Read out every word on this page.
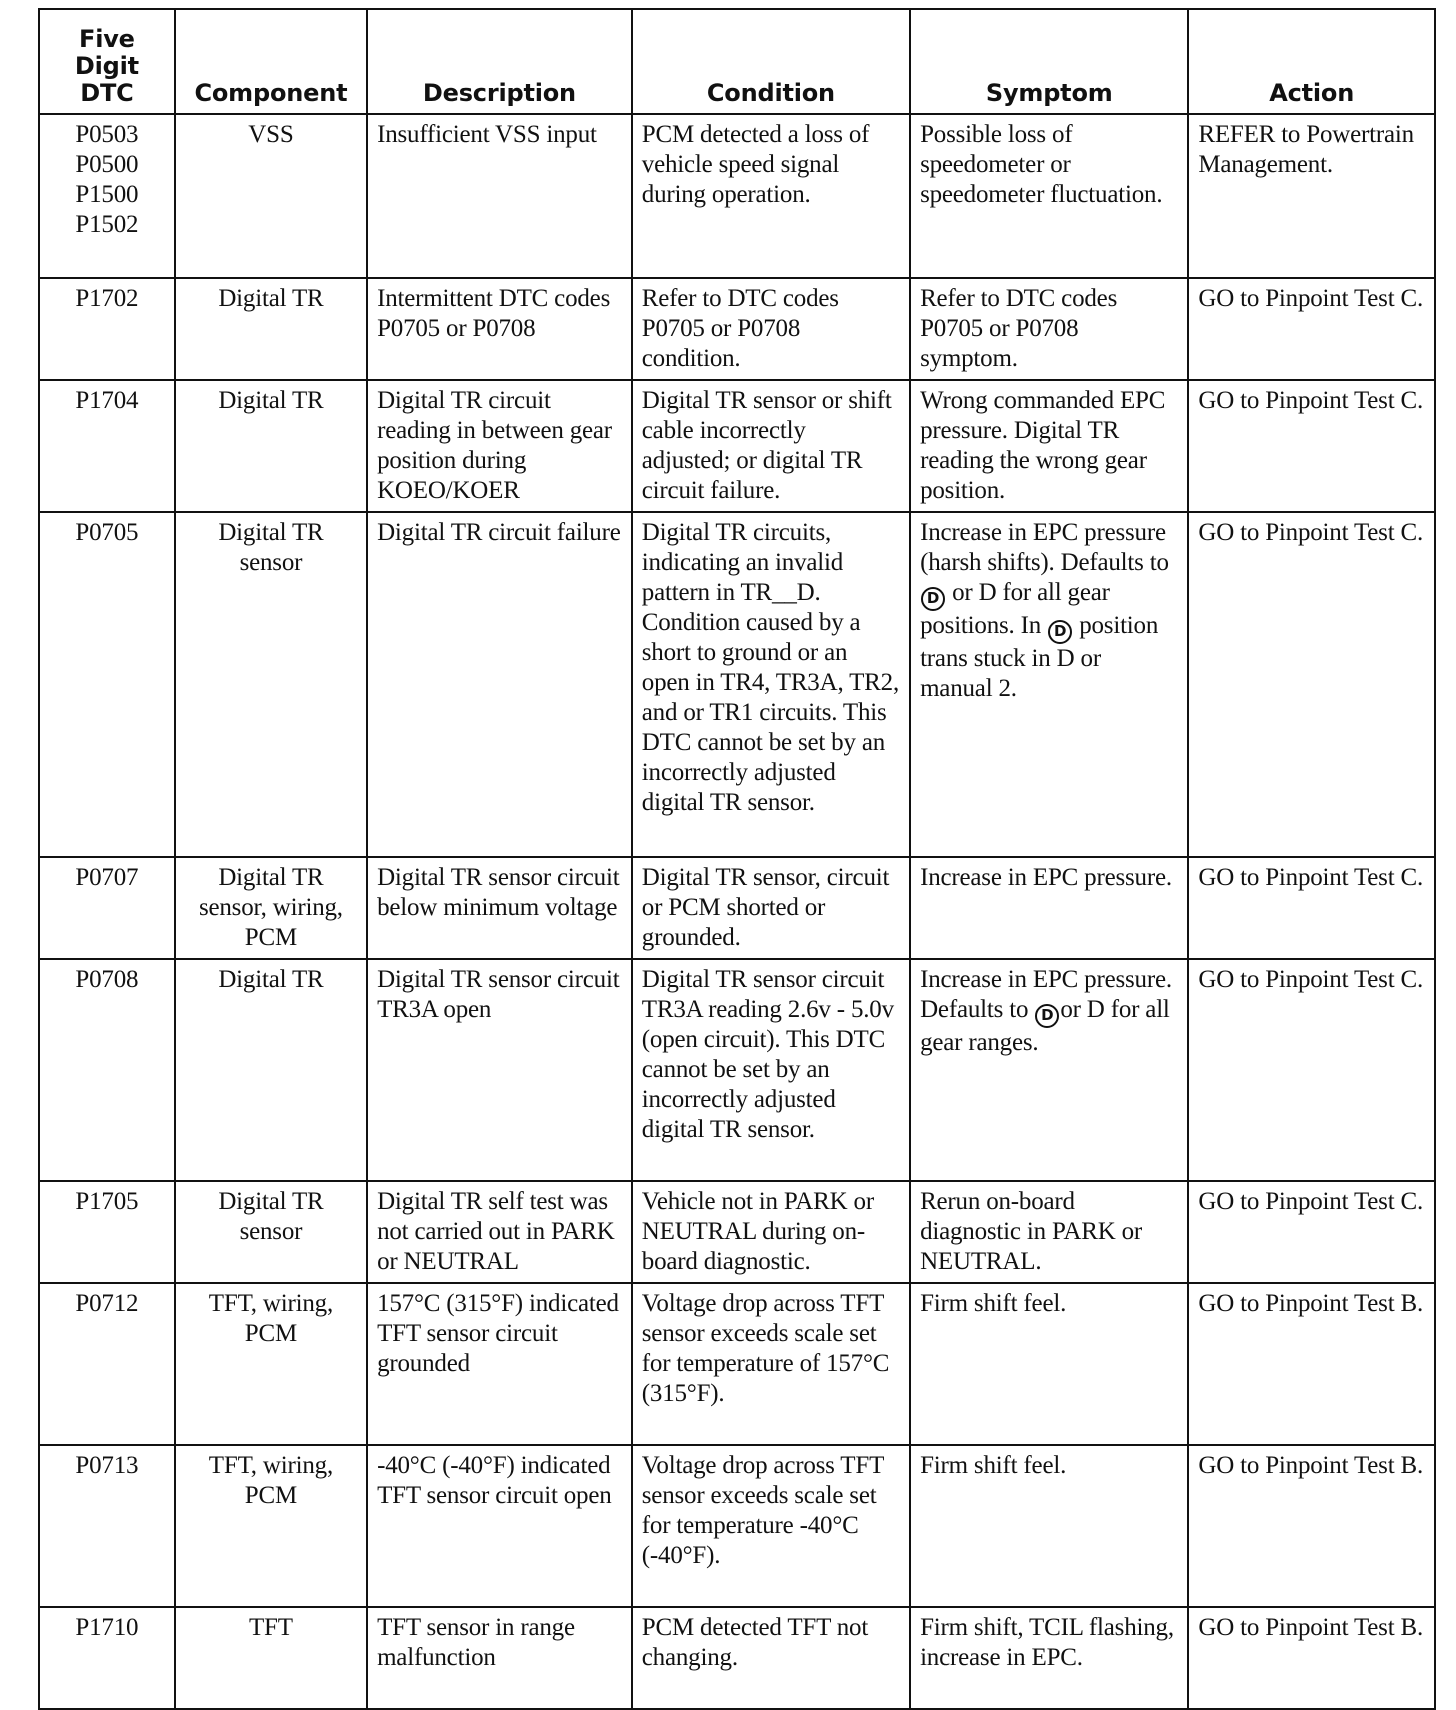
Five Digit DTC	Component	Description	Condition	Symptom	Action

P0503
P0500
P1500
P1502	VSS	Insufficient VSS input	PCM detected a loss of vehicle speed signal during operation.	Possible loss of speedometer or speedometer fluctuation.	REFER to Powertrain Management.

P1702	Digital TR	Intermittent DTC codes P0705 or P0708	Refer to DTC codes P0705 or P0708 condition.	Refer to DTC codes P0705 or P0708 symptom.	GO to Pinpoint Test C.

P1704	Digital TR	Digital TR circuit reading in between gear position during KOEO/KOER	Digital TR sensor or shift cable incorrectly adjusted; or digital TR circuit failure.	Wrong commanded EPC pressure. Digital TR reading the wrong gear position.	GO to Pinpoint Test C.

P0705	Digital TR sensor	Digital TR circuit failure	Digital TR circuits, indicating an invalid pattern in TR__D. Condition caused by a short to ground or an open in TR4, TR3A, TR2, and or TR1 circuits. This DTC cannot be set by an incorrectly adjusted digital TR sensor.	Increase in EPC pressure (harsh shifts). Defaults to D or D for all gear positions. In D position trans stuck in D or manual 2.	GO to Pinpoint Test C.

P0707	Digital TR sensor, wiring, PCM	Digital TR sensor circuit below minimum voltage	Digital TR sensor, circuit or PCM shorted or grounded.	Increase in EPC pressure.	GO to Pinpoint Test C.

P0708	Digital TR	Digital TR sensor circuit TR3A open	Digital TR sensor circuit TR3A reading 2.6v - 5.0v (open circuit). This DTC cannot be set by an incorrectly adjusted digital TR sensor.	Increase in EPC pressure. Defaults to D or D for all gear ranges.	GO to Pinpoint Test C.

P1705	Digital TR sensor	Digital TR self test was not carried out in PARK or NEUTRAL	Vehicle not in PARK or NEUTRAL during on-board diagnostic.	Rerun on-board diagnostic in PARK or NEUTRAL.	GO to Pinpoint Test C.

P0712	TFT, wiring, PCM	157°C (315°F) indicated TFT sensor circuit grounded	Voltage drop across TFT sensor exceeds scale set for temperature of 157°C (315°F).	Firm shift feel.	GO to Pinpoint Test B.

P0713	TFT, wiring, PCM	-40°C (-40°F) indicated TFT sensor circuit open	Voltage drop across TFT sensor exceeds scale set for temperature -40°C (-40°F).	Firm shift feel.	GO to Pinpoint Test B.

P1710	TFT	TFT sensor in range malfunction	PCM detected TFT not changing.	Firm shift, TCIL flashing, increase in EPC.	GO to Pinpoint Test B.
